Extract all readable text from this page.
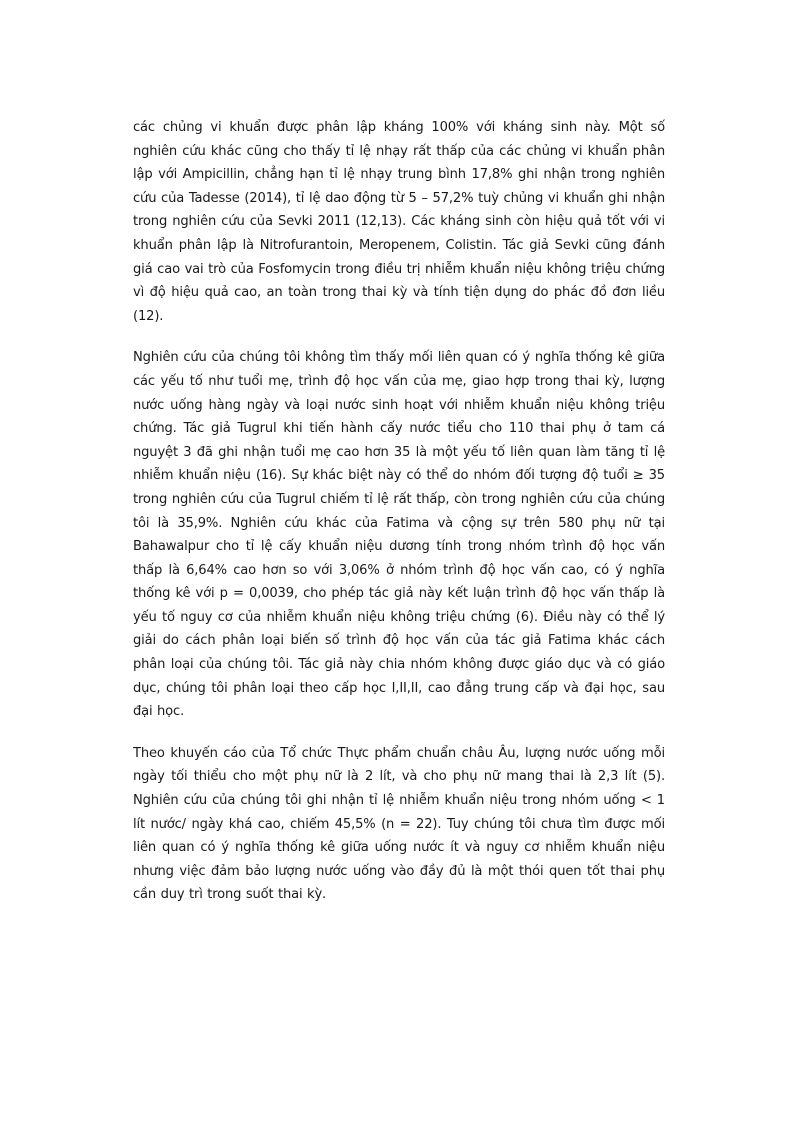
các chủng vi khuẩn được phân lập kháng 100% với kháng sinh này. Một số nghiên cứu khác cũng cho thấy tỉ lệ nhạy rất thấp của các chủng vi khuẩn phân lập với Ampicillin, chẳng hạn tỉ lệ nhạy trung bình 17,8% ghi nhận trong nghiên cứu của Tadesse (2014), tỉ lệ dao động từ 5 – 57,2% tuỳ chủng vi khuẩn ghi nhận trong nghiên cứu của Sevki 2011 (12,13). Các kháng sinh còn hiệu quả tốt với vi khuẩn phân lập là Nitrofurantoin, Meropenem, Colistin. Tác giả Sevki cũng đánh giá cao vai trò của Fosfomycin trong điều trị nhiễm khuẩn niệu không triệu chứng vì độ hiệu quả cao, an toàn trong thai kỳ và tính tiện dụng do phác đồ đơn liều (12).

Nghiên cứu của chúng tôi không tìm thấy mối liên quan có ý nghĩa thống kê giữa các yếu tố như tuổi mẹ, trình độ học vấn của mẹ, giao hợp trong thai kỳ, lượng nước uống hàng ngày và loại nước sinh hoạt với nhiễm khuẩn niệu không triệu chứng. Tác giả Tugrul khi tiến hành cấy nước tiểu cho 110 thai phụ ở tam cá nguyệt 3 đã ghi nhận tuổi mẹ cao hơn 35 là một yếu tố liên quan làm tăng tỉ lệ nhiễm khuẩn niệu (16). Sự khác biệt này có thể do nhóm đối tượng độ tuổi ≥ 35 trong nghiên cứu của Tugrul chiếm tỉ lệ rất thấp, còn trong nghiên cứu của chúng tôi là 35,9%. Nghiên cứu khác của Fatima và cộng sự trên 580 phụ nữ tại Bahawalpur cho tỉ lệ cấy khuẩn niệu dương tính trong nhóm trình độ học vấn thấp là 6,64% cao hơn so với 3,06% ở nhóm trình độ học vấn cao, có ý nghĩa thống kê với p = 0,0039, cho phép tác giả này kết luận trình độ học vấn thấp là yếu tố nguy cơ của nhiễm khuẩn niệu không triệu chứng (6). Điều này có thể lý giải do cách phân loại biến số trình độ học vấn của tác giả Fatima khác cách phân loại của chúng tôi. Tác giả này chia nhóm không được giáo dục và có giáo dục, chúng tôi phân loại theo cấp học I,II,II, cao đẳng trung cấp và đại học, sau đại học.

Theo khuyến cáo của Tổ chức Thực phẩm chuẩn châu Âu, lượng nước uống mỗi ngày tối thiểu cho một phụ nữ là 2 lít, và cho phụ nữ mang thai là 2,3 lít (5). Nghiên cứu của chúng tôi ghi nhận tỉ lệ nhiễm khuẩn niệu trong nhóm uống < 1 lít nước/ ngày khá cao, chiếm 45,5% (n = 22). Tuy chúng tôi chưa tìm được mối liên quan có ý nghĩa thống kê giữa uống nước ít và nguy cơ nhiễm khuẩn niệu nhưng việc đảm bảo lượng nước uống vào đầy đủ là một thói quen tốt thai phụ cần duy trì trong suốt thai kỳ.
